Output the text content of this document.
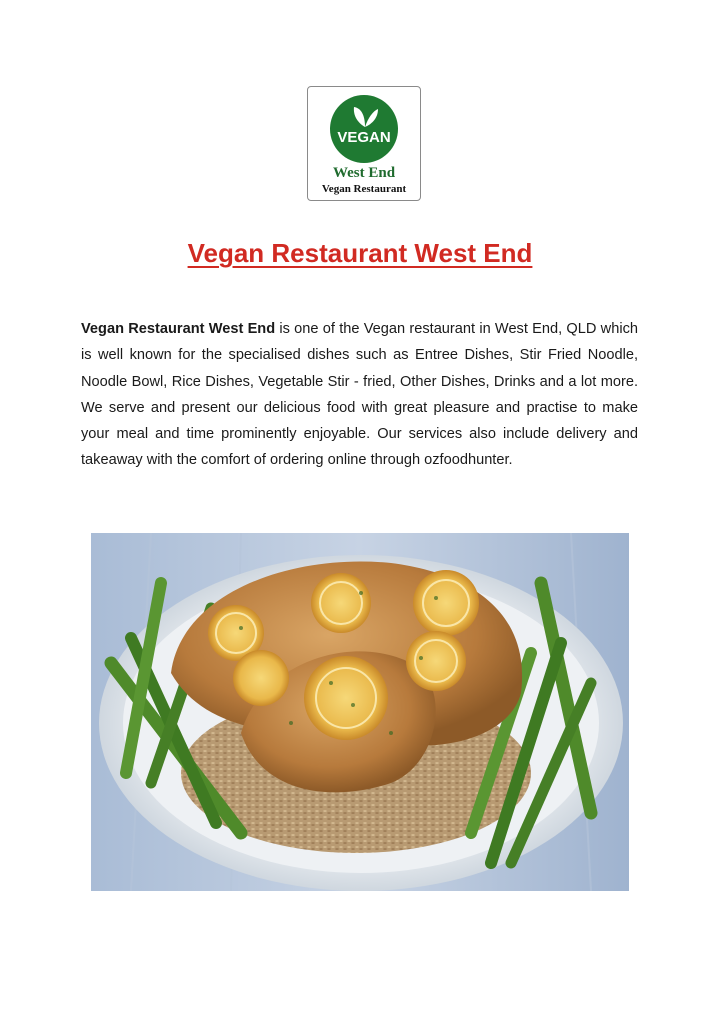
VEGAN
West End
Vegan Restaurant
Vegan Restaurant West End
Vegan Restaurant West End is one of the Vegan restaurant in West End, QLD which is well known for the specialised dishes such as Entree Dishes, Stir Fried Noodle, Noodle Bowl, Rice Dishes, Vegetable Stir - fried, Other Dishes, Drinks and a lot more. We serve and present our delicious food with great pleasure and practise to make your meal and time prominently enjoyable. Our services also include delivery and takeaway with the comfort of ordering online through ozfoodhunter.
